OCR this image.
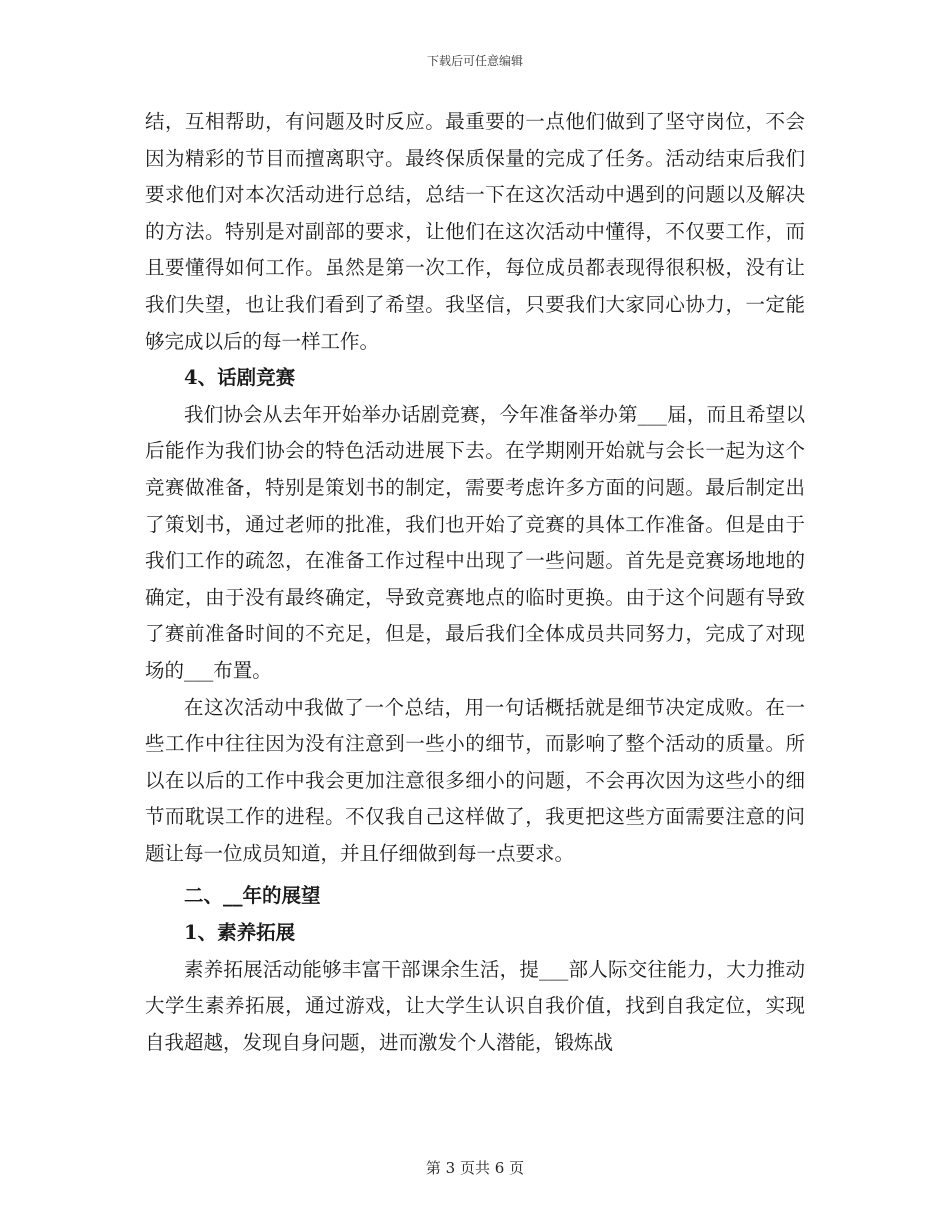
下载后可任意编辑

结，互相帮助，有问题及时反应。最重要的一点他们做到了坚守岗位，不会因为精彩的节目而擅离职守。最终保质保量的完成了任务。活动结束后我们要求他们对本次活动进行总结，总结一下在这次活动中遇到的问题以及解决的方法。特别是对副部的要求，让他们在这次活动中懂得，不仅要工作，而且要懂得如何工作。虽然是第一次工作，每位成员都表现得很积极，没有让我们失望，也让我们看到了希望。我坚信，只要我们大家同心协力，一定能够完成以后的每一样工作。

4、话剧竞赛

我们协会从去年开始举办话剧竞赛，今年准备举办第___届，而且希望以后能作为我们协会的特色活动进展下去。在学期刚开始就与会长一起为这个竞赛做准备，特别是策划书的制定，需要考虑许多方面的问题。最后制定出了策划书，通过老师的批准，我们也开始了竞赛的具体工作准备。但是由于我们工作的疏忽，在准备工作过程中出现了一些问题。首先是竞赛场地地的确定，由于没有最终确定，导致竞赛地点的临时更换。由于这个问题有导致了赛前准备时间的不充足，但是，最后我们全体成员共同努力，完成了对现场的___布置。

在这次活动中我做了一个总结，用一句话概括就是细节决定成败。在一些工作中往往因为没有注意到一些小的细节，而影响了整个活动的质量。所以在以后的工作中我会更加注意很多细小的问题，不会再次因为这些小的细节而耽误工作的进程。不仅我自己这样做了，我更把这些方面需要注意的问题让每一位成员知道，并且仔细做到每一点要求。

二、__年的展望

1、素养拓展

素养拓展活动能够丰富干部课余生活，提___部人际交往能力，大力推动大学生素养拓展，通过游戏，让大学生认识自我价值，找到自我定位，实现自我超越，发现自身问题，进而激发个人潜能，锻炼战

第 3 页共 6 页
